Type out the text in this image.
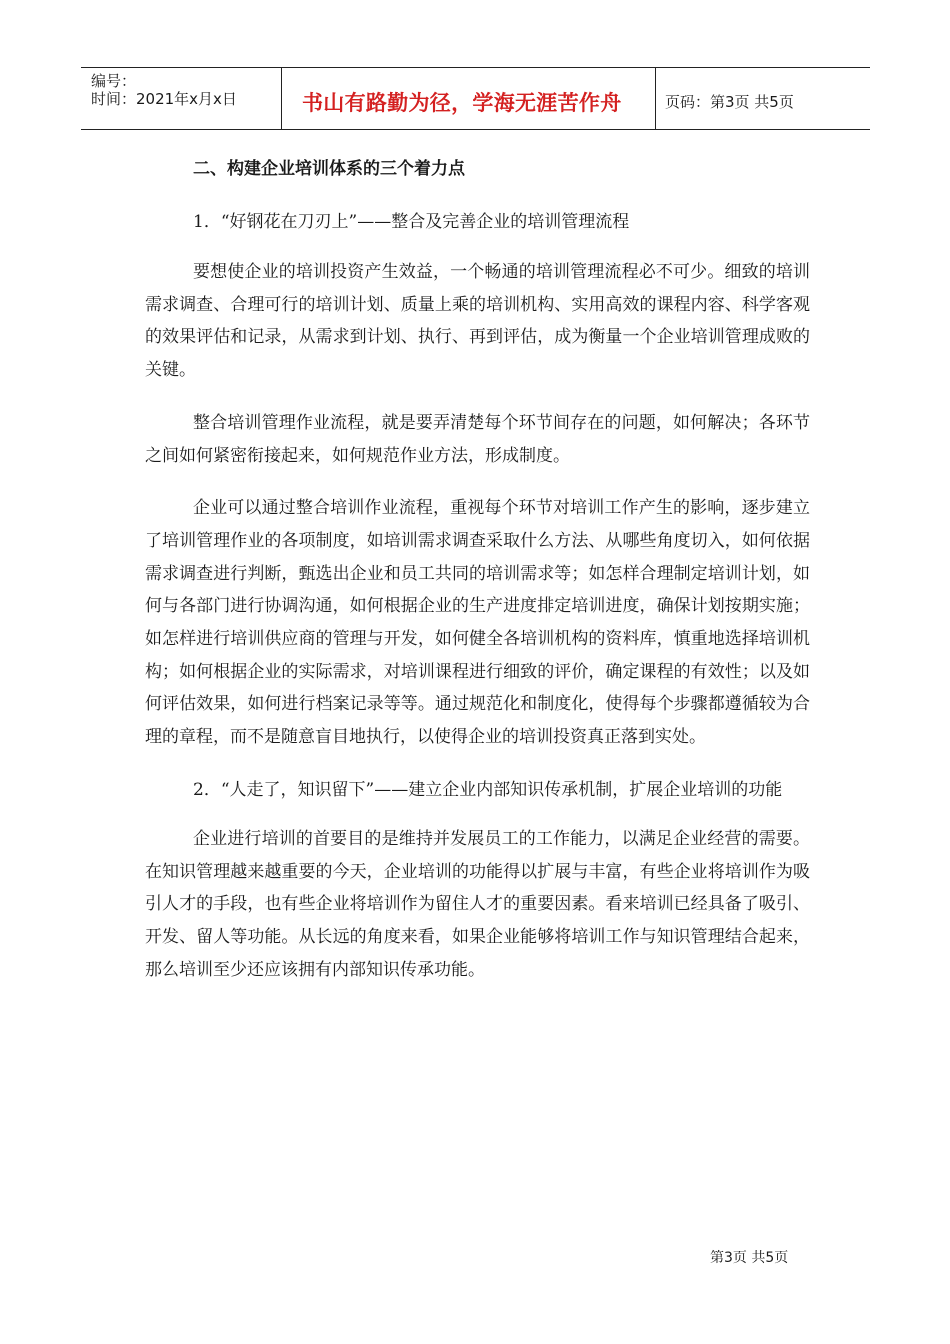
编号：
时间：2021年x月x日	书山有路勤为径，学海无涯苦作舟	页码：第3页 共5页
二、构建企业培训体系的三个着力点
1．“好钢花在刀刃上”——整合及完善企业的培训管理流程

要想使企业的培训投资产生效益，一个畅通的培训管理流程必不可少。细致的培训需求调查、合理可行的培训计划、质量上乘的培训机构、实用高效的课程内容、科学客观的效果评估和记录，从需求到计划、执行、再到评估，成为衡量一个企业培训管理成败的关键。

整合培训管理作业流程，就是要弄清楚每个环节间存在的问题，如何解决；各环节之间如何紧密衔接起来，如何规范作业方法，形成制度。

企业可以通过整合培训作业流程，重视每个环节对培训工作产生的影响，逐步建立了培训管理作业的各项制度，如培训需求调查采取什么方法、从哪些角度切入，如何依据需求调查进行判断，甄选出企业和员工共同的培训需求等；如怎样合理制定培训计划，如何与各部门进行协调沟通，如何根据企业的生产进度排定培训进度，确保计划按期实施；如怎样进行培训供应商的管理与开发，如何健全各培训机构的资料库，慎重地选择培训机构；如何根据企业的实际需求，对培训课程进行细致的评价，确定课程的有效性；以及如何评估效果，如何进行档案记录等等。通过规范化和制度化，使得每个步骤都遵循较为合理的章程，而不是随意盲目地执行，以使得企业的培训投资真正落到实处。

2．“人走了，知识留下”——建立企业内部知识传承机制，扩展企业培训的功能

企业进行培训的首要目的是维持并发展员工的工作能力，以满足企业经营的需要。在知识管理越来越重要的今天，企业培训的功能得以扩展与丰富，有些企业将培训作为吸引人才的手段，也有些企业将培训作为留住人才的重要因素。看来培训已经具备了吸引、开发、留人等功能。从长远的角度来看，如果企业能够将培训工作与知识管理结合起来，那么培训至少还应该拥有内部知识传承功能。

第3页 共5页
